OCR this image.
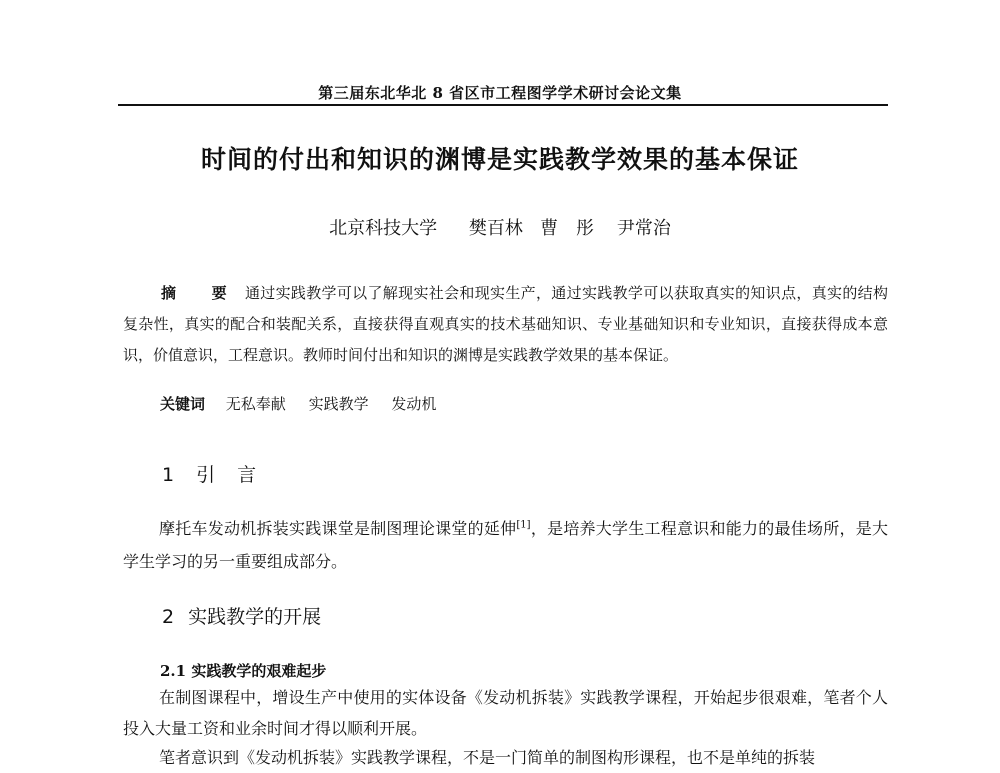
第三届东北华北 8 省区市工程图学学术研讨会论文集
时间的付出和知识的渊博是实践教学效果的基本保证
北京科技大学 樊百林 曹　彤 尹常治
摘　要 通过实践教学可以了解现实社会和现实生产，通过实践教学可以获取真实的知识点，真实的结构复杂性，真实的配合和装配关系，直接获得直观真实的技术基础知识、专业基础知识和专业知识，直接获得成本意识，价值意识，工程意识。教师时间付出和知识的渊博是实践教学效果的基本保证。
关键词 无私奉献 实践教学 发动机
1 引 言
摩托车发动机拆装实践课堂是制图理论课堂的延伸[1]，是培养大学生工程意识和能力的最佳场所，是大学生学习的另一重要组成部分。
2 实践教学的开展
2.1 实践教学的艰难起步
在制图课程中，增设生产中使用的实体设备《发动机拆装》实践教学课程，开始起步很艰难，笔者个人投入大量工资和业余时间才得以顺利开展。
笔者意识到《发动机拆装》实践教学课程，不是一门简单的制图构形课程，也不是单纯的拆装
